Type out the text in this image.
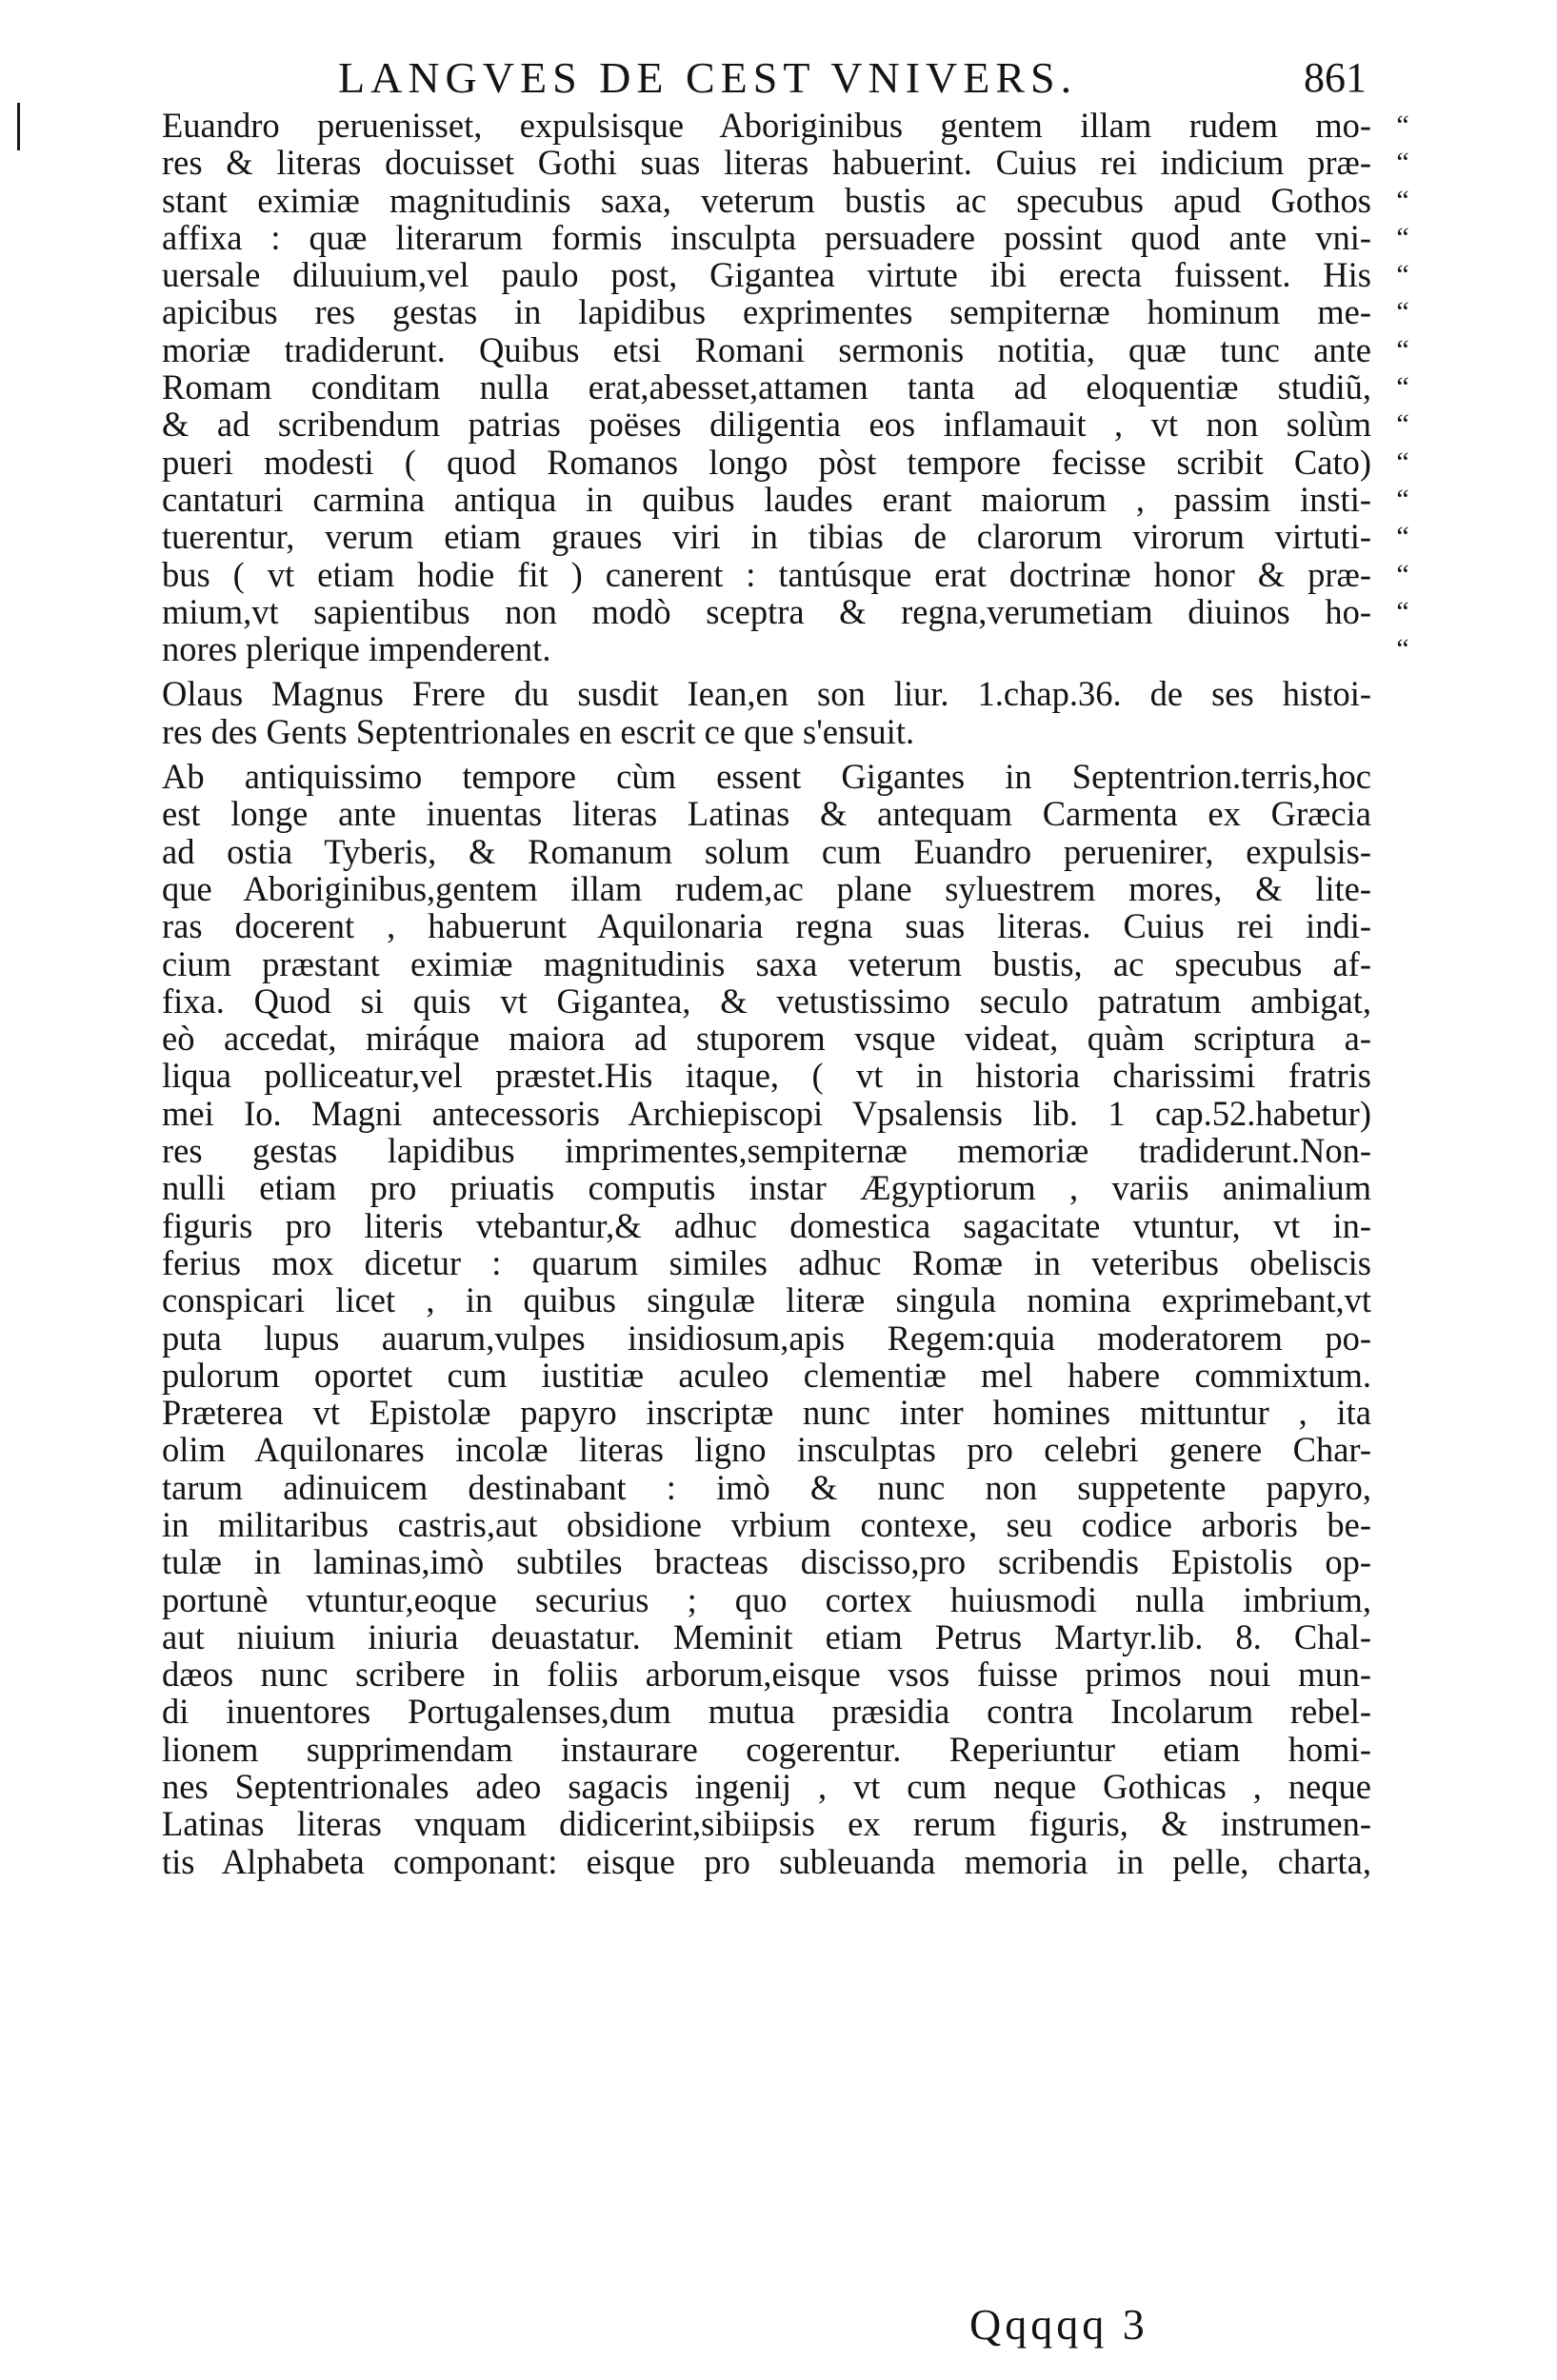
LANGVES DE CEST VNIVERS.	861
Euandro peruenisset, expulsisque Aboriginibus gentem illam rudem mo- “
res & literas docuisset Gothi suas literas habuerint. Cuius rei indicium præ- “
stant eximiæ magnitudinis saxa, veterum bustis ac specubus apud Gothos “
affixa : quæ literarum formis insculpta persuadere possint quod ante vni- “
uersale diluuium,vel paulo post, Gigantea virtute ibi erecta fuissent. His “
apicibus res gestas in lapidibus exprimentes sempiternæ hominum me- “
moriæ tradiderunt. Quibus etsi Romani sermonis notitia, quæ tunc ante “
Romam conditam nulla erat,abesset,attamen tanta ad eloquentiæ studiũ, “
& ad scribendum patrias poëses diligentia eos inflamauit , vt non solùm “
pueri modesti ( quod Romanos longo pòst tempore fecisse scribit Cato) “
cantaturi carmina antiqua in quibus laudes erant maiorum , passim insti- “
tuerentur, verum etiam graues viri in tibias de clarorum virorum virtuti- “
bus ( vt etiam hodie fit ) canerent : tantúsque erat doctrinæ honor & præ- “
mium,vt sapientibus non modò sceptra & regna,verumetiam diuinos ho- “
nores plerique impenderent.	“
Olaus Magnus Frere du susdit Iean,en son liur. 1.chap.36. de ses histoi-
res des Gents Septentrionales en escrit ce que s'ensuit.
Ab antiquissimo tempore cùm essent Gigantes in Septentrion.terris,hoc
est longe ante inuentas literas Latinas & antequam Carmenta ex Græcia
ad ostia Tyberis, & Romanum solum cum Euandro peruenirer, expulsis-
que Aboriginibus,gentem illam rudem,ac plane syluestrem mores, & lite-
ras docerent , habuerunt Aquilonaria regna suas literas. Cuius rei indi-
cium præstant eximiæ magnitudinis saxa veterum bustis, ac specubus af-
fixa. Quod si quis vt Gigantea, & vetustissimo seculo patratum ambigat,
eò accedat, miráque maiora ad stuporem vsque videat, quàm scriptura a-
liqua polliceatur,vel præstet.His itaque, ( vt in historia charissimi fratris
mei Io. Magni antecessoris Archiepiscopi Vpsalensis lib. 1 cap.52.habetur)
res gestas lapidibus imprimentes,sempiternæ memoriæ tradiderunt.Non-
nulli etiam pro priuatis computis instar Ægyptiorum , variis animalium
figuris pro literis vtebantur,& adhuc domestica sagacitate vtuntur, vt in-
ferius mox dicetur : quarum similes adhuc Romæ in veteribus obeliscis
conspicari licet , in quibus singulæ literæ singula nomina exprimebant,vt
puta lupus auarum,vulpes insidiosum,apis Regem:quia moderatorem po-
pulorum oportet cum iustitiæ aculeo clementiæ mel habere commixtum.
Præterea vt Epistolæ papyro inscriptæ nunc inter homines mittuntur , ita
olim Aquilonares incolæ literas ligno insculptas pro celebri genere Char-
tarum adinuicem destinabant : imò & nunc non suppetente papyro,
in militaribus castris,aut obsidione vrbium contexe, seu codice arboris be-
tulæ in laminas,imò subtiles bracteas discisso,pro scribendis Epistolis op-
portunè vtuntur,eoque securius ; quo cortex huiusmodi nulla imbrium,
aut niuium iniuria deuastatur. Meminit etiam Petrus Martyr.lib. 8. Chal-
dæos nunc scribere in foliis arborum,eisque vsos fuisse primos noui mun-
di inuentores Portugalenses,dum mutua præsidia contra Incolarum rebel-
lionem supprimendam instaurare cogerentur. Reperiuntur etiam homi-
nes Septentrionales adeo sagacis ingenij , vt cum neque Gothicas , neque
Latinas literas vnquam didicerint,sibiipsis ex rerum figuris, & instrumen-
tis Alphabeta componant: eisque pro subleuanda memoria in pelle, charta,
Qqqqq 3
